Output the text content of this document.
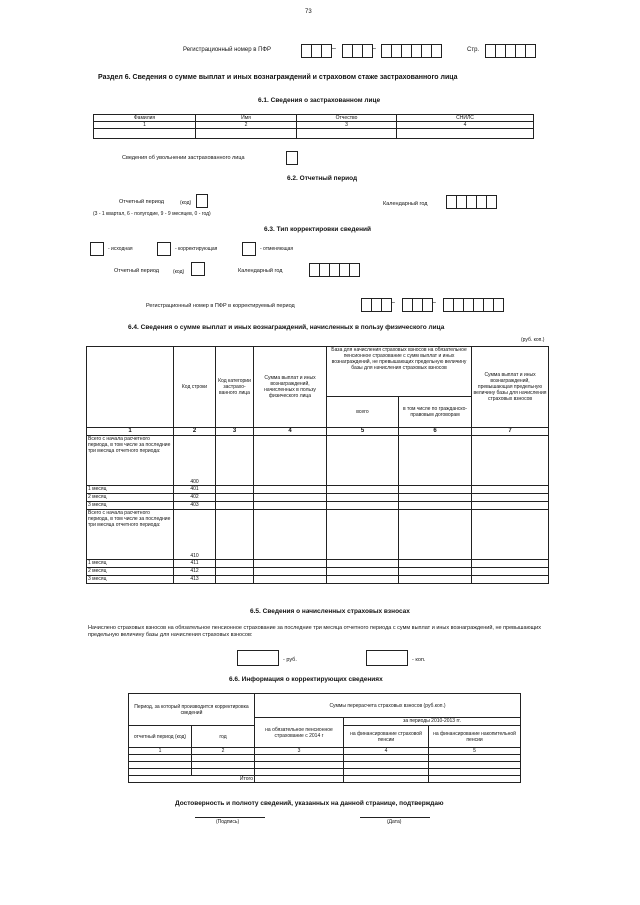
73
Регистрационный номер в ПФР	–	–	Стр.
Раздел 6. Сведения о сумме выплат и иных вознаграждений и страховом стаже застрахованного лица
6.1. Сведения о застрахованном лице
Фамилия	Имя	Отчество	СНИЛС
1	2	3	4

Сведения об увольнении застрахованного лица
6.2. Отчетный период
Отчетный период	(код)
(3 - 1 квартал, 6 - полугодие, 9 - 9 месяцев, 0 - год)
Календарный год
6.3. Тип корректировки сведений
- исходная	- корректирующая	- отменяющая
Отчетный период	(код)	Календарный год
Регистрационный номер в ПФР в корректируемый период	–	–
6.4. Сведения о сумме выплат и иных вознаграждений, начисленных в пользу физического лица
(руб. коп.)
	Код строки	Код категории застрахо-ванного лица	Сумма выплат и иных вознаграждений, начисленных в пользу физического лица	База для начисления страховых взносов на обязательное пенсионное страхование с сумм выплат и иных вознаграждений, не превышающих предельную величину базы для начисления страховых взносов		Сумма выплат и иных вознаграждений, превышающая предельную величину базы для начисления страховых взносов
				всего	в том числе по гражданско-правовым договорам	
1	2	3	4	5	6	7
Всего с начала расчетного периода, в том числе за последние три месяца отчетного периода:	400					
1 месяц	401					
2 месяц	402					
3 месяц	403					
Всего с начала расчетного периода, в том числе за последние три месяца отчетного периода:	410					
1 месяц	411					
2 месяц	412					
3 месяц	413					
6.5. Сведения о начисленных страховых взносах
Начислено страховых взносов на обязательное пенсионное страхование за последние три месяца отчетного периода с сумм выплат и иных вознаграждений, не превышающих предельную величину базы для начисления страховых взносов:
- руб.	- коп.
6.6. Информация о корректирующих сведениях
Период, за который производится корректировка сведений		Суммы перерасчета страховых взносов (руб.коп.)		
		на обязательное пенсионное страхование с 2014 г	за периоды 2010-2013 гг.	
отчетный период (код)	год		на финансирование страховой пенсии	на финансирование накопительной пенсии
1	2	3	4	5

Итого				
Достоверность и полноту сведений, указанных на данной странице, подтверждаю
(Подпись)	(Дата)
